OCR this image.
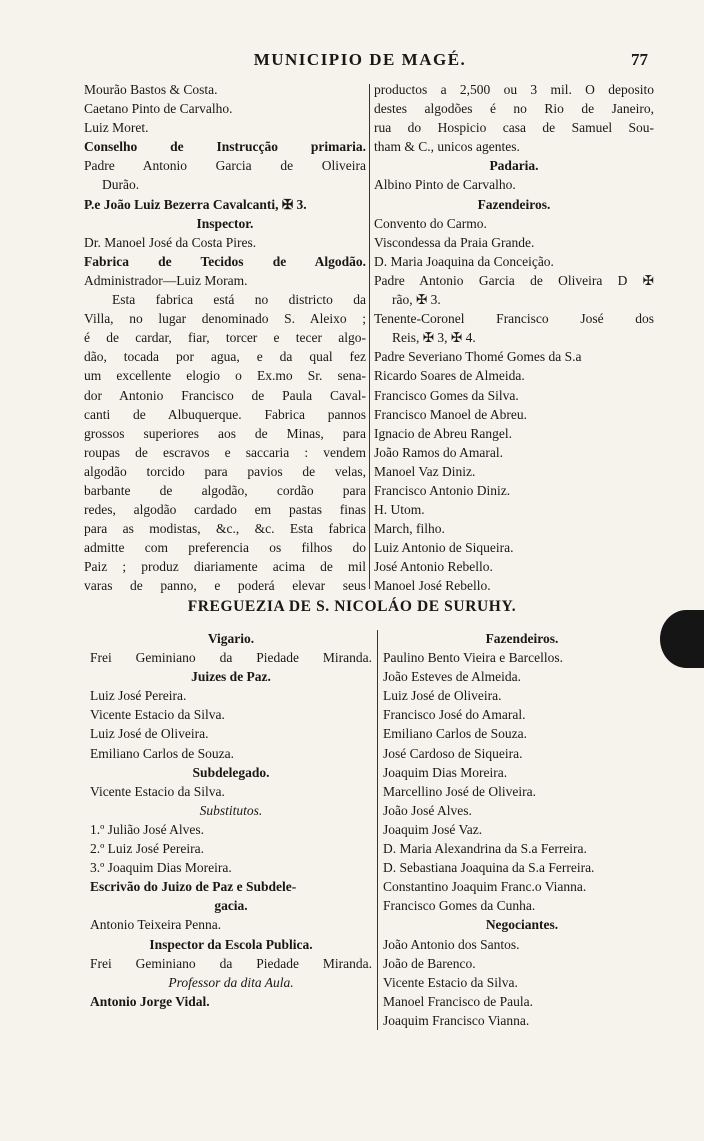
MUNICIPIO DE MAGÉ.	77
Mourão Bastos & Costa.
Caetano Pinto de Carvalho.
Luiz Moret.
Conselho de Instrucção primaria.
Padre Antonio Garcia de Oliveira
Durão.
P.e João Luiz Bezerra Cavalcanti, ✠ 3.
Inspector.
Dr. Manoel José da Costa Pires.
Fabrica de Tecidos de Algodão.
Administrador—Luiz Moram.
Esta fabrica está no districto da
Villa, no lugar denominado S. Aleixo ;
é de cardar, fiar, torcer e tecer algo-
dão, tocada por agua, e da qual fez
um excellente elogio o Ex.mo Sr. sena-
dor Antonio Francisco de Paula Caval-
canti de Albuquerque. Fabrica pannos
grossos superiores aos de Minas, para
roupas de escravos e saccaria : vendem
algodão torcido para pavios de velas,
barbante de algodão, cordão para
redes, algodão cardado em pastas finas
para as modistas, &c., &c. Esta fabrica
admitte com preferencia os filhos do
Paiz ; produz diariamente acima de mil
varas de panno, e poderá elevar seus
productos a 2,500 ou 3 mil. O deposito
destes algodões é no Rio de Janeiro,
rua do Hospicio casa de Samuel Sou-
tham & C., unicos agentes.
Padaria.
Albino Pinto de Carvalho.
Fazendeiros.
Convento do Carmo.
Viscondessa da Praia Grande.
D. Maria Joaquina da Conceição.
Padre Antonio Garcia de Oliveira D ✠
rão, ✠ 3.
Tenente-Coronel Francisco José dos
Reis, ✠ 3, ✠ 4.
Padre Severiano Thomé Gomes da S.a
Ricardo Soares de Almeida.
Francisco Gomes da Silva.
Francisco Manoel de Abreu.
Ignacio de Abreu Rangel.
João Ramos do Amaral.
Manoel Vaz Diniz.
Francisco Antonio Diniz.
H. Utom.
March, filho.
Luiz Antonio de Siqueira.
José Antonio Rebello.
Manoel José Rebello.
FREGUEZIA DE S. NICOLÁO DE SURUHY.
Vigario.
Frei Geminiano da Piedade Miranda.
Juizes de Paz.
Luiz José Pereira.
Vicente Estacio da Silva.
Luiz José de Oliveira.
Emiliano Carlos de Souza.
Subdelegado.
Vicente Estacio da Silva.
Substitutos.
1.º Julião José Alves.
2.º Luiz José Pereira.
3.º Joaquim Dias Moreira.
Escrivão do Juizo de Paz e Subdele-
gacia.
Antonio Teixeira Penna.
Inspector da Escola Publica.
Frei Geminiano da Piedade Miranda.
Professor da dita Aula.
Antonio Jorge Vidal.
Fazendeiros.
Paulino Bento Vieira e Barcellos.
João Esteves de Almeida.
Luiz José de Oliveira.
Francisco José do Amaral.
Emiliano Carlos de Souza.
José Cardoso de Siqueira.
Joaquim Dias Moreira.
Marcellino José de Oliveira.
João José Alves.
Joaquim José Vaz.
D. Maria Alexandrina da S.a Ferreira.
D. Sebastiana Joaquina da S.a Ferreira.
Constantino Joaquim Franc.o Vianna.
Francisco Gomes da Cunha.
Negociantes.
João Antonio dos Santos.
João de Barenco.
Vicente Estacio da Silva.
Manoel Francisco de Paula.
Joaquim Francisco Vianna.
